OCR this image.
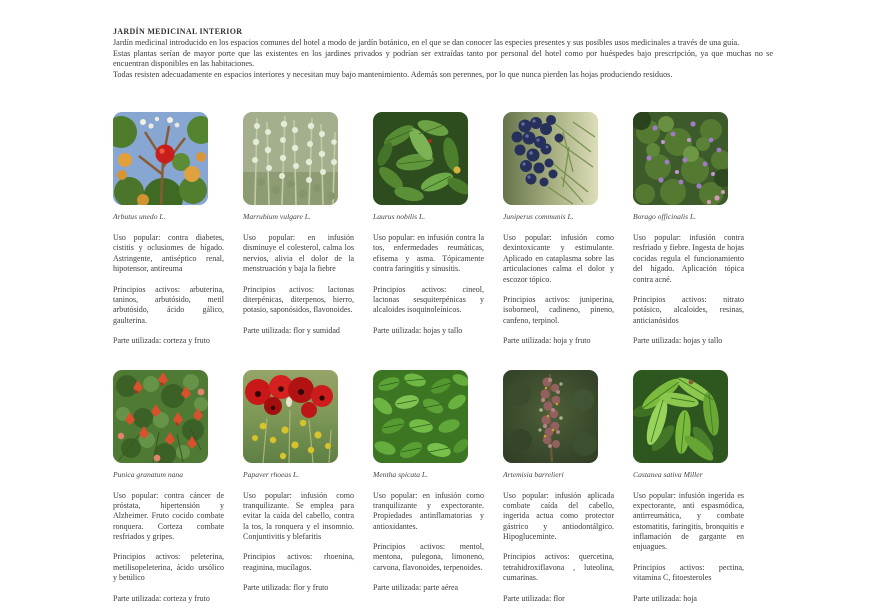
JARDÍN MEDICINAL INTERIOR

Jardín medicinal introducido en los espacios comunes del hotel a modo de jardín botánico, en el que se dan conocer las especies presentes y sus posibles usos medicinales a través de una guía.

Estas plantas serían de mayor porte que las existentes en los jardines privados y podrían ser extraídas tanto por personal del hotel como por huéspedes bajo prescripción, ya que muchas no se encuentran disponibles en las habitaciones.

Todas resisten adecuadamente en espacios interiores y necesitan muy bajo mantenimiento. Además son perennes, por lo que nunca pierden las hojas produciendo residuos.

Arbutus unedo L.

Uso popular: contra diabetes, cistitis y oclusiomes de hígado. Astringente, antiséptico renal, hipotensor, antireuma

Principios activos: arbuterina, taninos, arbutósido, metil arbutósido, ácido gálico, gaulterina.

Parte utilizada: corteza y fruto

Marrubium vulgare L.

Uso popular: en infusión disminuye el colesterol, calma los nervios, alivia el dolor de la menstruación y baja la fiebre

Principios activos: lactonas diterpénicas, diterpenos, hierro, potasio, saponósidos, flavonoides.

Parte utilizada: flor y sumidad

Laurus nobilis L.

Uso popular: en infusión contra la tos, enfermedades reumáticas, efisema y asma. Tópicamente contra faringitis y sinusitis.

Principios activos: cineol, lactonas sesquiterpénicas y alcaloides isoquinoleínicos.

Parte utilizada: hojas y tallo

Juniperus communis L.

Uso popular: infusión como dexintoxicante y estimulante. Aplicado en cataplasma sobre las articulaciones calma el dolor y escozor tópico.

Principios activos: juniperina, isoborneol, cadineno, pineno, canfeno, terpinol.

Parte utilizada: hoja y fruto

Borago officinalis L.

Uso popular: infusión contra resfriado y fiebre. Ingesta de hojas cocidas regula el funcionamiento del hígado. Aplicación tópica contra acné.

Principios activos: nitrato potásico, alcaloides, resinas, anticianósidos

Parte utilizada: hojas y tallo

Punica granatum nana

Uso popular: contra cáncer de próstata, hipertensión y Alzheimer. Fruto cocido combate ronquera. Corteza combate resfriados y gripes.

Principios activos: peleterina, metilisopeleterina, ácido ursólico y betúlico

Parte utilizada: corteza y fruto

Papaver rhoeas L.

Uso popular: infusión como tranquilizante. Se emplea para evitar la caída del cabello, contra la tos, la ronquera y el insomnio. Conjuntivitis y blefaritis

Principios activos: rhoenina, reaginina, mucílagos.

Parte utilizada: flor y fruto

Mentha spicata L.

Uso popular: en infusión como tranquilizante y expectorante. Propiedades antinflamatorias y antioxidantes.

Principios activos: mentol, mentona, pulegona, limoneno, carvona, flavonoides, terpenoides.

Parte utilizada: parte aérea

Artemisia barrelieri

Uso popular: infusión aplicada combate caída del cabello, ingerida actua como protector gástrico y antiodontálgico. Hipogluceminte.

Principios activos: quercetina, tetrahidroxiflavona , luteolina, cumarinas.

Parte utilizada: flor

Castanea sativa Miller

Uso popular: infusión ingerida es expectorante, anti espasmódica, antirreumática, y combate estomatitis, faringitis, bronquitis e inflamación de gargante en enjuagues.

Principios activos: pectina, vitamina C, fitoesteroles

Parte utilizada: hoja
